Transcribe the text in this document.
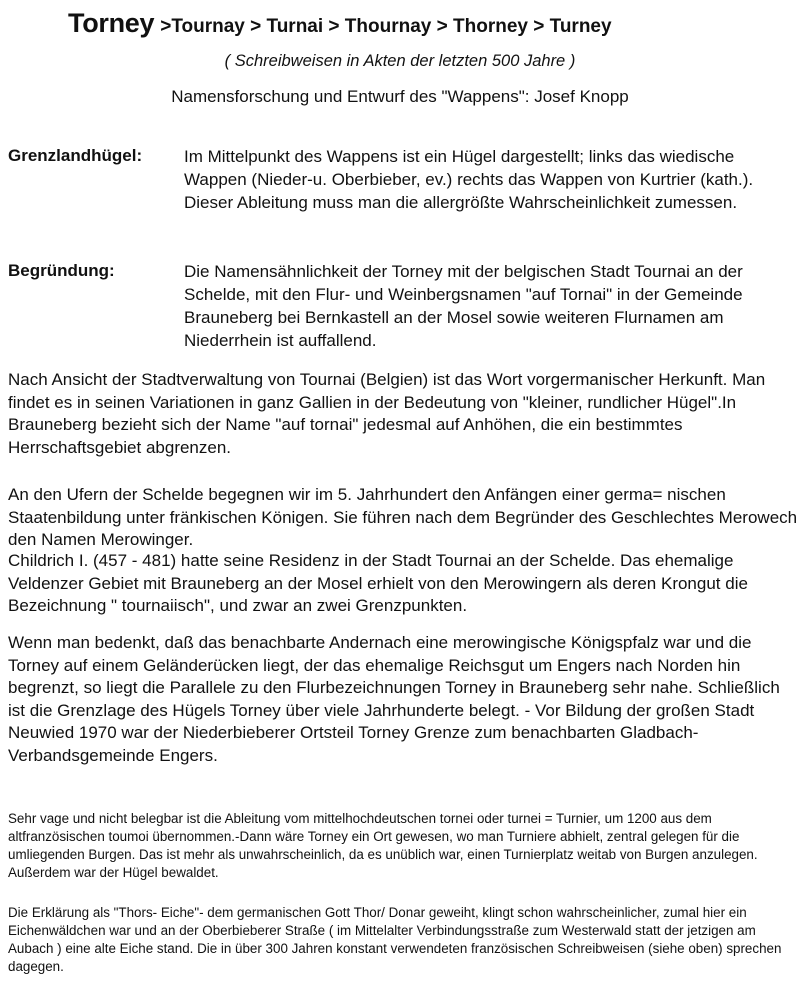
Torney >Tournay > Turnai > Thournay > Thorney > Turney
( Schreibweisen in Akten der letzten 500 Jahre )
Namensforschung und Entwurf des "Wappens": Josef Knopp
Grenzlandhügel: Im Mittelpunkt des Wappens ist ein Hügel dargestellt; links das wiedische Wappen (Nieder-u. Oberbieber, ev.) rechts das Wappen von Kurtrier (kath.). Dieser Ableitung muss man die allergrößte Wahrscheinlichkeit zumessen.
Begründung:	Die Namensähnlichkeit der Torney mit der belgischen Stadt Tournai an der Schelde, mit den Flur- und Weinbergsnamen "auf Tornai" in der Gemeinde Brauneberg bei Bernkastell an der Mosel sowie weiteren Flurnamen am Niederrhein ist auffallend.

Nach Ansicht der Stadtverwaltung von Tournai (Belgien) ist das Wort vorgermanischer Herkunft. Man findet es in seinen Variationen in ganz Gallien in der Bedeutung von "kleiner, rundlicher Hügel".In Brauneberg bezieht sich der Name "auf tornai" jedesmal auf Anhöhen, die ein bestimmtes Herrschaftsgebiet abgrenzen.

An den Ufern der Schelde begegnen wir im 5. Jahrhundert den Anfängen einer germa= nischen Staatenbildung unter fränkischen Königen. Sie führen nach dem Begründer des Geschlechtes Merowech den Namen Merowinger.

Childrich I. (457 - 481) hatte seine Residenz in der Stadt Tournai an der Schelde. Das ehemalige Veldenzer Gebiet mit Brauneberg an der Mosel erhielt von den Merowingern als deren Krongut die Bezeichnung " tournaiisch", und zwar an zwei Grenzpunkten.

Wenn man bedenkt, daß das benachbarte Andernach eine merowingische Königspfalz war und die Torney auf einem Geländerücken liegt, der das ehemalige Reichsgut um Engers nach Norden hin begrenzt, so liegt die Parallele zu den Flurbezeichnungen Torney in Brauneberg sehr nahe. Schließlich ist die Grenzlage des Hügels Torney über viele Jahrhunderte belegt. - Vor Bildung der großen Stadt Neuwied 1970 war der Niederbieberer Ortsteil Torney Grenze zum benachbarten Gladbach- Verbandsgemeinde Engers.

Sehr vage und nicht belegbar ist die Ableitung vom mittelhochdeutschen tornei oder turnei = Turnier, um 1200 aus dem altfranzösischen toumoi übernommen.-Dann wäre Torney ein Ort gewesen, wo man Turniere abhielt, zentral gelegen für die umliegenden Burgen. Das ist mehr als unwahrscheinlich, da es unüblich war, einen Turnierplatz weitab von Burgen anzulegen. Außerdem war der Hügel bewaldet.

Die Erklärung als "Thors- Eiche"- dem germanischen Gott Thor/ Donar geweiht, klingt schon wahrscheinlicher, zumal hier ein Eichenwäldchen war und an der Oberbieberer Straße ( im Mittelalter Verbindungsstraße zum Westerwald statt der jetzigen am Aubach ) eine alte Eiche stand. Die in über 300 Jahren konstant verwendeten französischen Schreibweisen (siehe oben) sprechen dagegen.
